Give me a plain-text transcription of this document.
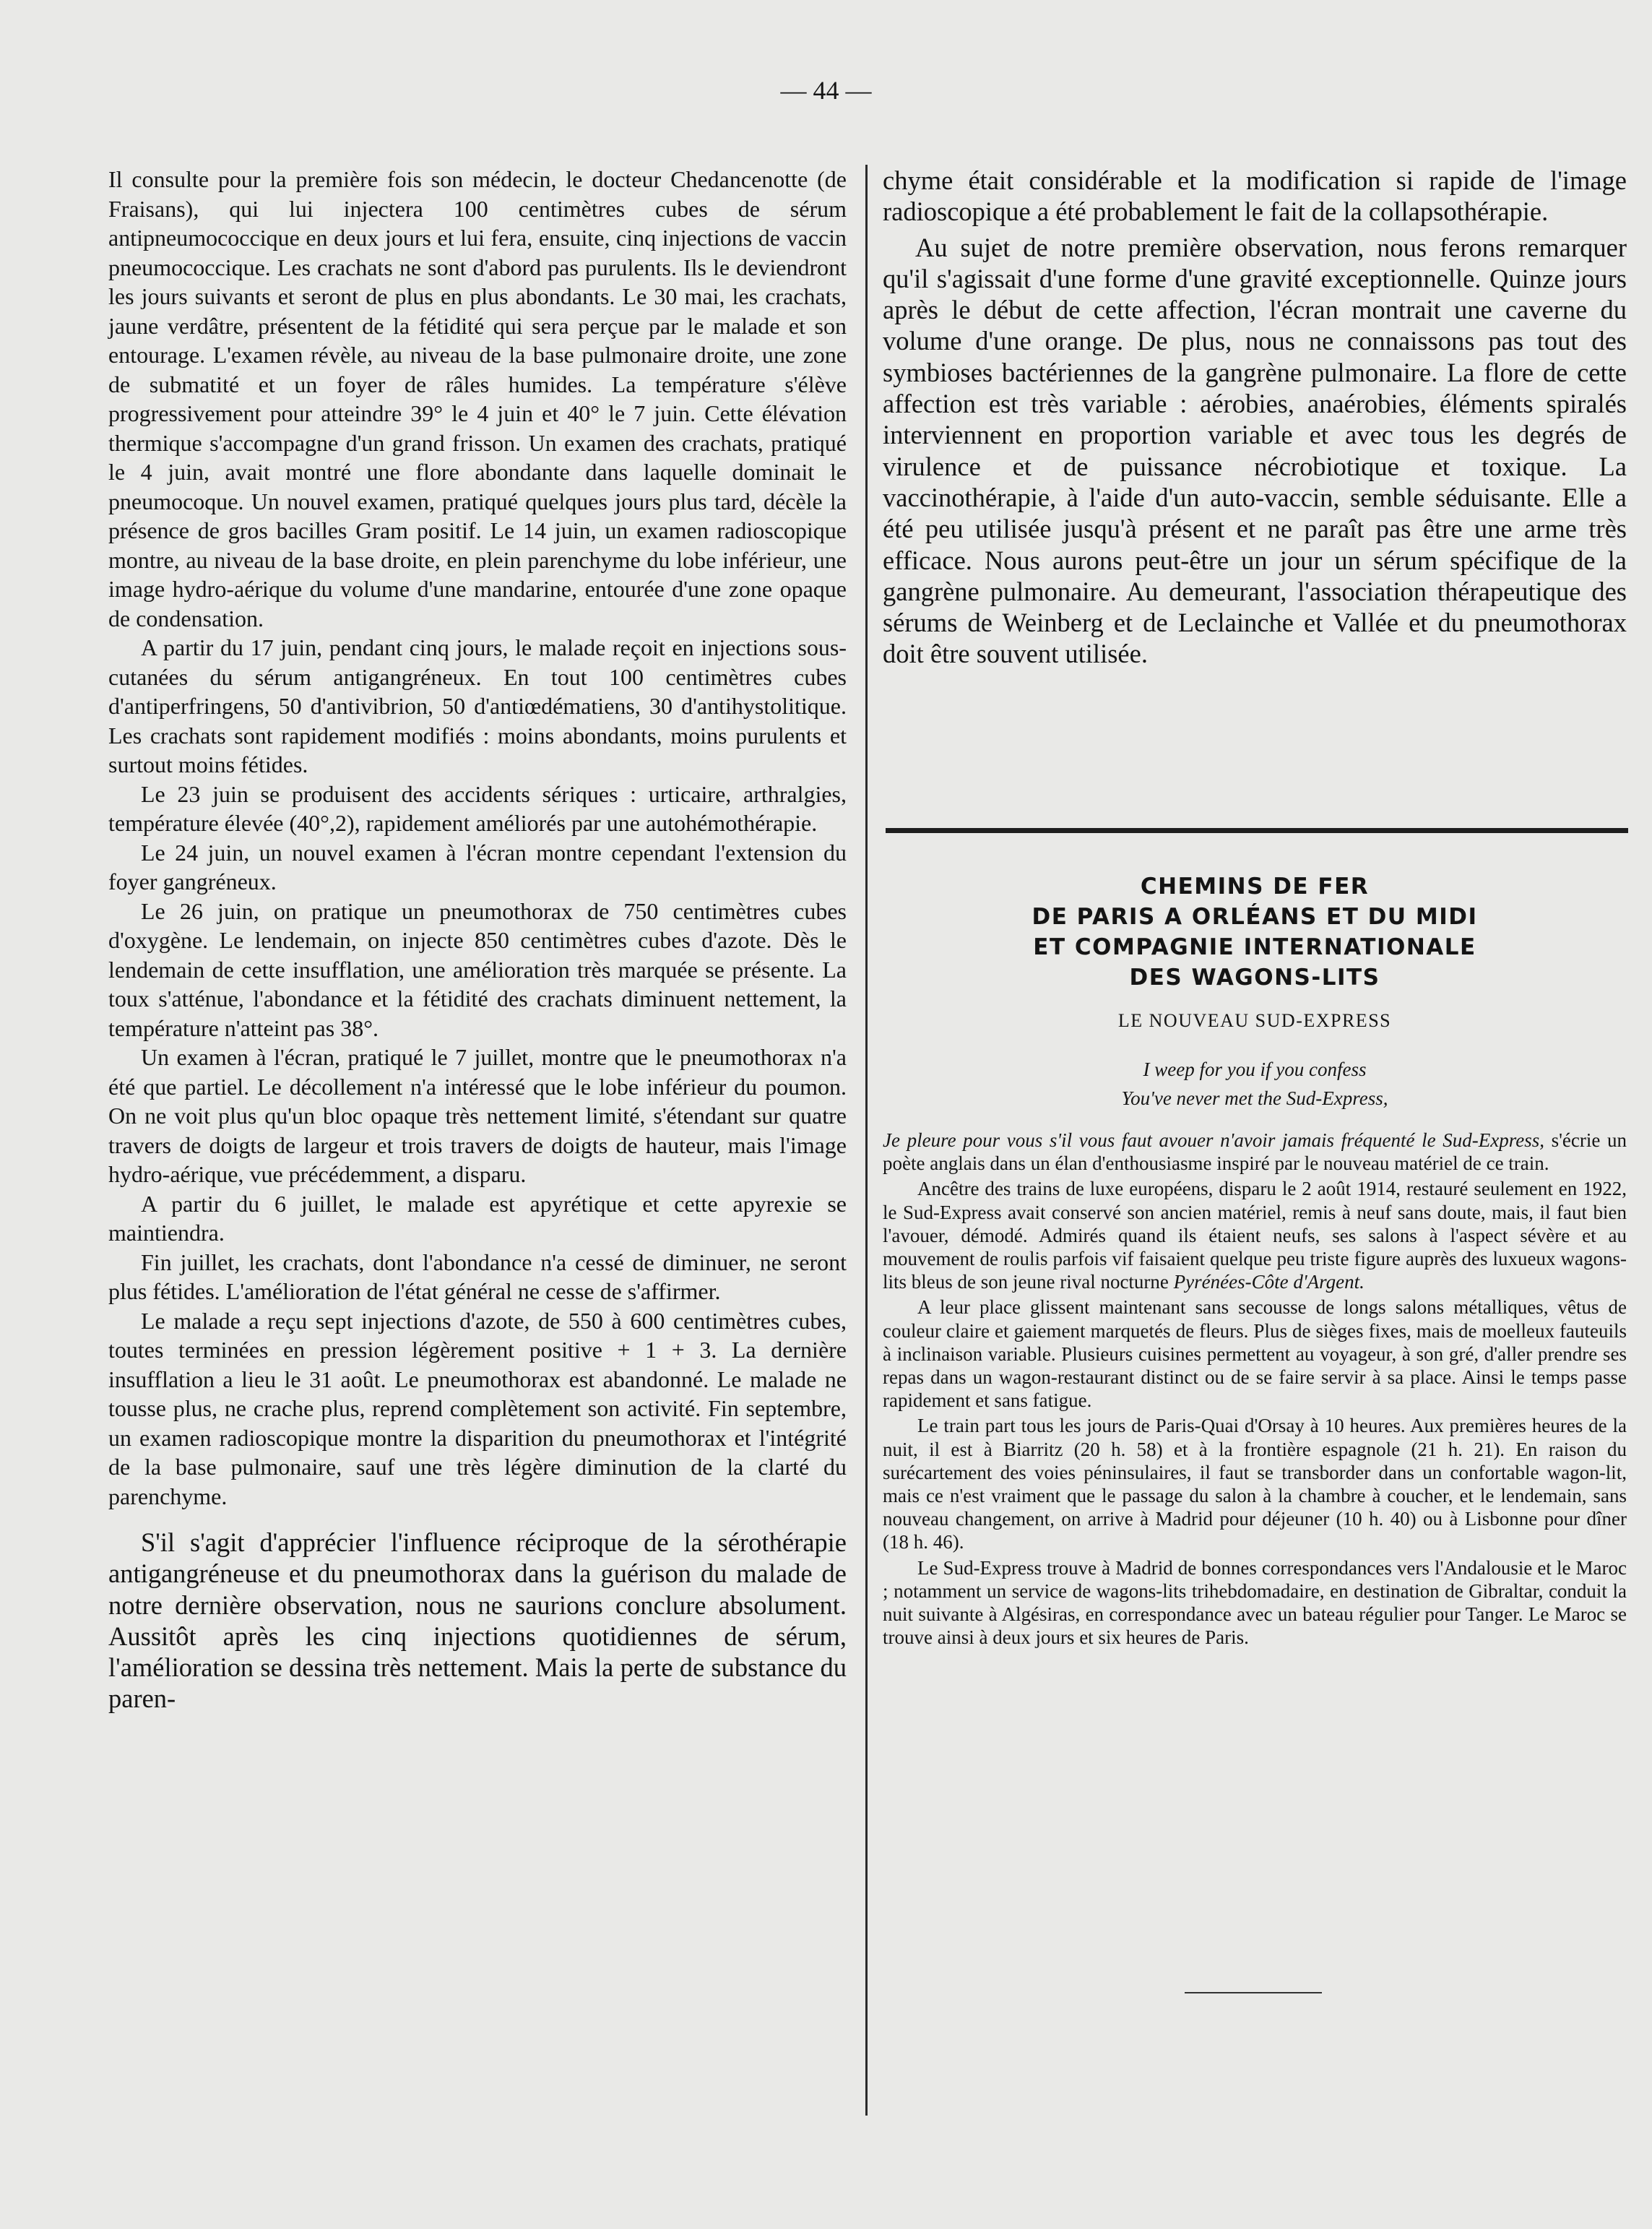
— 44 —

Il consulte pour la première fois son médecin, le docteur Chedancenotte (de Fraisans), qui lui injectera 100 centimètres cubes de sérum antipneumococcique en deux jours et lui fera, ensuite, cinq injections de vaccin pneumococcique. Les crachats ne sont d'abord pas purulents. Ils le deviendront les jours suivants et seront de plus en plus abondants. Le 30 mai, les crachats, jaune verdâtre, présentent de la fétidité qui sera perçue par le malade et son entourage. L'examen révèle, au niveau de la base pulmonaire droite, une zone de submatité et un foyer de râles humides. La température s'élève progressivement pour atteindre 39° le 4 juin et 40° le 7 juin. Cette élévation thermique s'accompagne d'un grand frisson. Un examen des crachats, pratiqué le 4 juin, avait montré une flore abondante dans laquelle dominait le pneumocoque. Un nouvel examen, pratiqué quelques jours plus tard, décèle la présence de gros bacilles Gram positif. Le 14 juin, un examen radioscopique montre, au niveau de la base droite, en plein parenchyme du lobe inférieur, une image hydro-aérique du volume d'une mandarine, entourée d'une zone opaque de condensation.

A partir du 17 juin, pendant cinq jours, le malade reçoit en injections sous-cutanées du sérum antigangréneux. En tout 100 centimètres cubes d'antiperfringens, 50 d'antivibrion, 50 d'antiœdématiens, 30 d'antihystolitique. Les crachats sont rapidement modifiés : moins abondants, moins purulents et surtout moins fétides.

Le 23 juin se produisent des accidents sériques : urticaire, arthralgies, température élevée (40°,2), rapidement améliorés par une autohémothérapie.

Le 24 juin, un nouvel examen à l'écran montre cependant l'extension du foyer gangréneux.

Le 26 juin, on pratique un pneumothorax de 750 centimètres cubes d'oxygène. Le lendemain, on injecte 850 centimètres cubes d'azote. Dès le lendemain de cette insufflation, une amélioration très marquée se présente. La toux s'atténue, l'abondance et la fétidité des crachats diminuent nettement, la température n'atteint pas 38°.

Un examen à l'écran, pratiqué le 7 juillet, montre que le pneumothorax n'a été que partiel. Le décollement n'a intéressé que le lobe inférieur du poumon. On ne voit plus qu'un bloc opaque très nettement limité, s'étendant sur quatre travers de doigts de largeur et trois travers de doigts de hauteur, mais l'image hydro-aérique, vue précédemment, a disparu.

A partir du 6 juillet, le malade est apyrétique et cette apyrexie se maintiendra.

Fin juillet, les crachats, dont l'abondance n'a cessé de diminuer, ne seront plus fétides. L'amélioration de l'état général ne cesse de s'affirmer.

Le malade a reçu sept injections d'azote, de 550 à 600 centimètres cubes, toutes terminées en pression légèrement positive + 1 + 3. La dernière insufflation a lieu le 31 août. Le pneumothorax est abandonné. Le malade ne tousse plus, ne crache plus, reprend complètement son activité. Fin septembre, un examen radioscopique montre la disparition du pneumothorax et l'intégrité de la base pulmonaire, sauf une très légère diminution de la clarté du parenchyme.

S'il s'agit d'apprécier l'influence réciproque de la sérothérapie antigangréneuse et du pneumothorax dans la guérison du malade de notre dernière observation, nous ne saurions conclure absolument. Aussitôt après les cinq injections quotidiennes de sérum, l'amélioration se dessina très nettement. Mais la perte de substance du paren-

chyme était considérable et la modification si rapide de l'image radioscopique a été probablement le fait de la collapsothérapie.

Au sujet de notre première observation, nous ferons remarquer qu'il s'agissait d'une forme d'une gravité exceptionnelle. Quinze jours après le début de cette affection, l'écran montrait une caverne du volume d'une orange. De plus, nous ne connaissons pas tout des symbioses bactériennes de la gangrène pulmonaire. La flore de cette affection est très variable : aérobies, anaérobies, éléments spiralés interviennent en proportion variable et avec tous les degrés de virulence et de puissance nécrobiotique et toxique. La vaccinothérapie, à l'aide d'un auto-vaccin, semble séduisante. Elle a été peu utilisée jusqu'à présent et ne paraît pas être une arme très efficace. Nous aurons peut-être un jour un sérum spécifique de la gangrène pulmonaire. Au demeurant, l'association thérapeutique des sérums de Weinberg et de Leclainche et Vallée et du pneumothorax doit être souvent utilisée.

CHEMINS DE FER
DE PARIS A ORLÉANS ET DU MIDI
ET COMPAGNIE INTERNATIONALE
DES WAGONS-LITS
LE NOUVEAU SUD-EXPRESS
I weep for you if you confess
You've never met the Sud-Express,

Je pleure pour vous s'il vous faut avouer n'avoir jamais fréquenté le Sud-Express, s'écrie un poète anglais dans un élan d'enthousiasme inspiré par le nouveau matériel de ce train.

Ancêtre des trains de luxe européens, disparu le 2 août 1914, restauré seulement en 1922, le Sud-Express avait conservé son ancien matériel, remis à neuf sans doute, mais, il faut bien l'avouer, démodé. Admirés quand ils étaient neufs, ses salons à l'aspect sévère et au mouvement de roulis parfois vif faisaient quelque peu triste figure auprès des luxueux wagons-lits bleus de son jeune rival nocturne Pyrénées-Côte d'Argent.

A leur place glissent maintenant sans secousse de longs salons métalliques, vêtus de couleur claire et gaiement marquetés de fleurs. Plus de sièges fixes, mais de moelleux fauteuils à inclinaison variable. Plusieurs cuisines permettent au voyageur, à son gré, d'aller prendre ses repas dans un wagon-restaurant distinct ou de se faire servir à sa place. Ainsi le temps passe rapidement et sans fatigue.

Le train part tous les jours de Paris-Quai d'Orsay à 10 heures. Aux premières heures de la nuit, il est à Biarritz (20 h. 58) et à la frontière espagnole (21 h. 21). En raison du surécartement des voies péninsulaires, il faut se transborder dans un confortable wagon-lit, mais ce n'est vraiment que le passage du salon à la chambre à coucher, et le lendemain, sans nouveau changement, on arrive à Madrid pour déjeuner (10 h. 40) ou à Lisbonne pour dîner (18 h. 46).

Le Sud-Express trouve à Madrid de bonnes correspondances vers l'Andalousie et le Maroc ; notamment un service de wagons-lits trihebdomadaire, en destination de Gibraltar, conduit la nuit suivante à Algésiras, en correspondance avec un bateau régulier pour Tanger. Le Maroc se trouve ainsi à deux jours et six heures de Paris.
